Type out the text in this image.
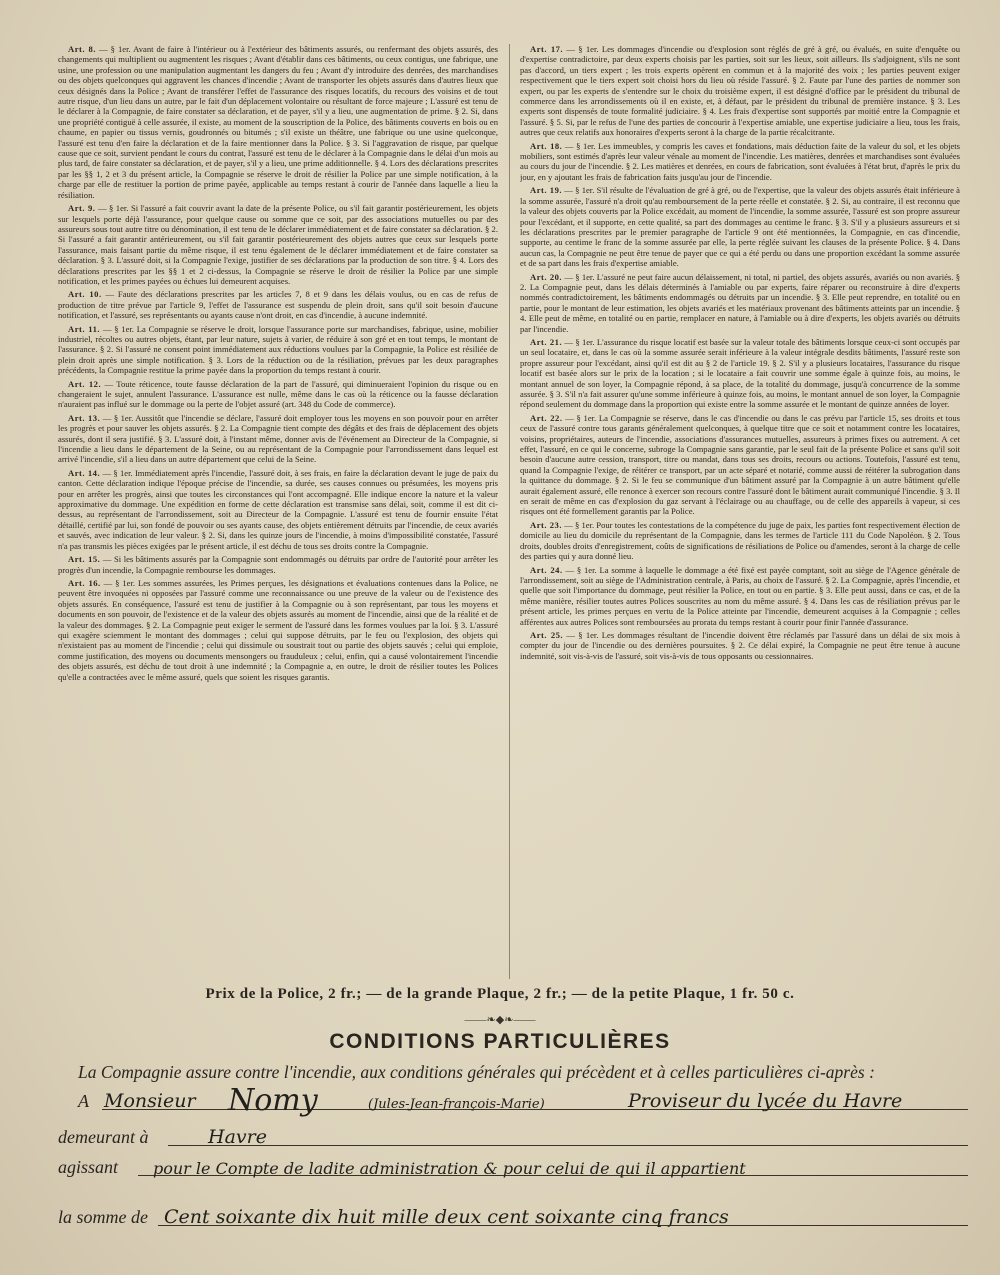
Art. 8. — § 1er. Avant de faire à l'intérieur ou à l'extérieur des bâtiments assurés, ou renfermant des objets assurés, des changements qui multiplient ou augmentent les risques ; Avant d'établir dans ces bâtiments, ou ceux contigus, une fabrique, une usine, une profession ou une manipulation augmentant les dangers du feu ; Avant d'y introduire des denrées, des marchandises ou des objets quelconques qui aggravent les chances d'incendie ; Avant de transporter les objets assurés dans d'autres lieux que ceux désignés dans la Police ; Avant de transférer l'effet de l'assurance des risques locatifs, du recours des voisins et de tout autre risque, d'un lieu dans un autre, par le fait d'un déplacement volontaire ou résultant de force majeure ; L'assuré est tenu de le déclarer à la Compagnie, de faire constater sa déclaration, et de payer, s'il y a lieu, une augmentation de prime. § 2. Si, dans une propriété contiguë à celle assurée, il existe, au moment de la souscription de la Police, des bâtiments couverts en bois ou en chaume, en papier ou tissus vernis, goudronnés ou bitumés ; s'il existe un théâtre, une fabrique ou une usine quelconque, l'assuré est tenu d'en faire la déclaration et de la faire mentionner dans la Police. § 3. Si l'aggravation de risque, par quelque cause que ce soit, survient pendant le cours du contrat, l'assuré est tenu de le déclarer à la Compagnie dans le délai d'un mois au plus tard, de faire constater sa déclaration, et de payer, s'il y a lieu, une prime additionnelle. § 4. Lors des déclarations prescrites par les §§ 1, 2 et 3 du présent article, la Compagnie se réserve le droit de résilier la Police par une simple notification, à la charge par elle de restituer la portion de prime payée, applicable au temps restant à courir de l'année dans laquelle a lieu la résiliation.

Art. 9. — § 1er. Si l'assuré a fait couvrir avant la date de la présente Police, ou s'il fait garantir postérieurement, les objets sur lesquels porte déjà l'assurance, pour quelque cause ou somme que ce soit, par des associations mutuelles ou par des assureurs sous tout autre titre ou dénomination, il est tenu de le déclarer immédiatement et de faire constater sa déclaration. § 2. Si l'assuré a fait garantir antérieurement, ou s'il fait garantir postérieurement des objets autres que ceux sur lesquels porte l'assurance, mais faisant partie du même risque, il est tenu également de le déclarer immédiatement et de faire constater sa déclaration. § 3. L'assuré doit, si la Compagnie l'exige, justifier de ses déclarations par la production de son titre. § 4. Lors des déclarations prescrites par les §§ 1 et 2 ci-dessus, la Compagnie se réserve le droit de résilier la Police par une simple notification, et les primes payées ou échues lui demeurent acquises.

Art. 10. — Faute des déclarations prescrites par les articles 7, 8 et 9 dans les délais voulus, ou en cas de refus de production de titre prévue par l'article 9, l'effet de l'assurance est suspendu de plein droit, sans qu'il soit besoin d'aucune notification, et l'assuré, ses représentants ou ayants cause n'ont droit, en cas d'incendie, à aucune indemnité.

Art. 11. — § 1er. La Compagnie se réserve le droit, lorsque l'assurance porte sur marchandises, fabrique, usine, mobilier industriel, récoltes ou autres objets, étant, par leur nature, sujets à varier, de réduire à son gré et en tout temps, le montant de l'assurance. § 2. Si l'assuré ne consent point immédiatement aux réductions voulues par la Compagnie, la Police est résiliée de plein droit après une simple notification. § 3. Lors de la réduction ou de la résiliation, prévues par les deux paragraphes précédents, la Compagnie restitue la prime payée dans la proportion du temps restant à courir.

Art. 12. — Toute réticence, toute fausse déclaration de la part de l'assuré, qui diminueraient l'opinion du risque ou en changeraient le sujet, annulent l'assurance. L'assurance est nulle, même dans le cas où la réticence ou la fausse déclaration n'auraient pas influé sur le dommage ou la perte de l'objet assuré (art. 348 du Code de commerce).

Art. 13. — § 1er. Aussitôt que l'incendie se déclare, l'assuré doit employer tous les moyens en son pouvoir pour en arrêter les progrès et pour sauver les objets assurés. § 2. La Compagnie tient compte des dégâts et des frais de déplacement des objets assurés, dont il sera justifié. § 3. L'assuré doit, à l'instant même, donner avis de l'événement au Directeur de la Compagnie, si l'incendie a lieu dans le département de la Seine, ou au représentant de la Compagnie pour l'arrondissement dans lequel est arrivé l'incendie, s'il a lieu dans un autre département que celui de la Seine.

Art. 14. — § 1er. Immédiatement après l'incendie, l'assuré doit, à ses frais, en faire la déclaration devant le juge de paix du canton. Cette déclaration indique l'époque précise de l'incendie, sa durée, ses causes connues ou présumées, les moyens pris pour en arrêter les progrès, ainsi que toutes les circonstances qui l'ont accompagné. Elle indique encore la nature et la valeur approximative du dommage. Une expédition en forme de cette déclaration est transmise sans délai, soit, comme il est dit ci-dessus, au représentant de l'arrondissement, soit au Directeur de la Compagnie. L'assuré est tenu de fournir ensuite l'état détaillé, certifié par lui, son fondé de pouvoir ou ses ayants cause, des objets entièrement détruits par l'incendie, de ceux avariés et sauvés, avec indication de leur valeur. § 2. Si, dans les quinze jours de l'incendie, à moins d'impossibilité constatée, l'assuré n'a pas transmis les pièces exigées par le présent article, il est déchu de tous ses droits contre la Compagnie.

Art. 15. — Si les bâtiments assurés par la Compagnie sont endommagés ou détruits par ordre de l'autorité pour arrêter les progrès d'un incendie, la Compagnie rembourse les dommages.

Art. 16. — § 1er. Les sommes assurées, les Primes perçues, les désignations et évaluations contenues dans la Police, ne peuvent être invoquées ni opposées par l'assuré comme une reconnaissance ou une preuve de la valeur ou de l'existence des objets assurés. En conséquence, l'assuré est tenu de justifier à la Compagnie ou à son représentant, par tous les moyens et documents en son pouvoir, de l'existence et de la valeur des objets assurés au moment de l'incendie, ainsi que de la réalité et de la valeur des dommages. § 2. La Compagnie peut exiger le serment de l'assuré dans les formes voulues par la loi. § 3. L'assuré qui exagère sciemment le montant des dommages ; celui qui suppose détruits, par le feu ou l'explosion, des objets qui n'existaient pas au moment de l'incendie ; celui qui dissimule ou soustrait tout ou partie des objets sauvés ; celui qui emploie, comme justification, des moyens ou documents mensongers ou frauduleux ; celui, enfin, qui a causé volontairement l'incendie des objets assurés, est déchu de tout droit à une indemnité ; la Compagnie a, en outre, le droit de résilier toutes les Polices qu'elle a contractées avec le même assuré, quels que soient les risques garantis.

Art. 17. — § 1er. Les dommages d'incendie ou d'explosion sont réglés de gré à gré, ou évalués, en suite d'enquête ou d'expertise contradictoire, par deux experts choisis par les parties, soit sur les lieux, soit ailleurs. Ils s'adjoignent, s'ils ne sont pas d'accord, un tiers expert ; les trois experts opèrent en commun et à la majorité des voix ; les parties peuvent exiger respectivement que le tiers expert soit choisi hors du lieu où réside l'assuré. § 2. Faute par l'une des parties de nommer son expert, ou par les experts de s'entendre sur le choix du troisième expert, il est désigné d'office par le président du tribunal de commerce dans les arrondissements où il en existe, et, à défaut, par le président du tribunal de première instance. § 3. Les experts sont dispensés de toute formalité judiciaire. § 4. Les frais d'expertise sont supportés par moitié entre la Compagnie et l'assuré. § 5. Si, par le refus de l'une des parties de concourir à l'expertise amiable, une expertise judiciaire a lieu, tous les frais, autres que ceux relatifs aux honoraires d'experts seront à la charge de la partie récalcitrante.

Art. 18. — § 1er. Les immeubles, y compris les caves et fondations, mais déduction faite de la valeur du sol, et les objets mobiliers, sont estimés d'après leur valeur vénale au moment de l'incendie. Les matières, denrées et marchandises sont évaluées au cours du jour de l'incendie. § 2. Les matières et denrées, en cours de fabrication, sont évaluées à l'état brut, d'après le prix du jour, en y ajoutant les frais de fabrication faits jusqu'au jour de l'incendie.

Art. 19. — § 1er. S'il résulte de l'évaluation de gré à gré, ou de l'expertise, que la valeur des objets assurés était inférieure à la somme assurée, l'assuré n'a droit qu'au remboursement de la perte réelle et constatée. § 2. Si, au contraire, il est reconnu que la valeur des objets couverts par la Police excédait, au moment de l'incendie, la somme assurée, l'assuré est son propre assureur pour l'excédant, et il supporte, en cette qualité, sa part des dommages au centime le franc. § 3. S'il y a plusieurs assureurs et si les déclarations prescrites par le premier paragraphe de l'article 9 ont été mentionnées, la Compagnie, en cas d'incendie, supporte, au centime le franc de la somme assurée par elle, la perte réglée suivant les clauses de la présente Police. § 4. Dans aucun cas, la Compagnie ne peut être tenue de payer que ce qui a été perdu ou dans une proportion excédant la somme assurée et de sa part dans les frais d'expertise amiable.

Art. 20. — § 1er. L'assuré ne peut faire aucun délaissement, ni total, ni partiel, des objets assurés, avariés ou non avariés. § 2. La Compagnie peut, dans les délais déterminés à l'amiable ou par experts, faire réparer ou reconstruire à dire d'experts nommés contradictoirement, les bâtiments endommagés ou détruits par un incendie. § 3. Elle peut reprendre, en totalité ou en partie, pour le montant de leur estimation, les objets avariés et les matériaux provenant des bâtiments atteints par un incendie. § 4. Elle peut de même, en totalité ou en partie, remplacer en nature, à l'amiable ou à dire d'experts, les objets avariés ou détruits par l'incendie.

Art. 21. — § 1er. L'assurance du risque locatif est basée sur la valeur totale des bâtiments lorsque ceux-ci sont occupés par un seul locataire, et, dans le cas où la somme assurée serait inférieure à la valeur intégrale desdits bâtiments, l'assuré reste son propre assureur pour l'excédant, ainsi qu'il est dit au § 2 de l'article 19. § 2. S'il y a plusieurs locataires, l'assurance du risque locatif est basée alors sur le prix de la location ; si le locataire a fait couvrir une somme égale à quinze fois, au moins, le montant annuel de son loyer, la Compagnie répond, à sa place, de la totalité du dommage, jusqu'à concurrence de la somme assurée. § 3. S'il n'a fait assurer qu'une somme inférieure à quinze fois, au moins, le montant annuel de son loyer, la Compagnie répond seulement du dommage dans la proportion qui existe entre la somme assurée et le montant de quinze années de loyer.

Art. 22. — § 1er. La Compagnie se réserve, dans le cas d'incendie ou dans le cas prévu par l'article 15, ses droits et tous ceux de l'assuré contre tous garants généralement quelconques, à quelque titre que ce soit et notamment contre les locataires, voisins, propriétaires, auteurs de l'incendie, associations d'assurances mutuelles, assureurs à primes fixes ou autrement. A cet effet, l'assuré, en ce qui le concerne, subroge la Compagnie sans garantie, par le seul fait de la présente Police et sans qu'il soit besoin d'aucune autre cession, transport, titre ou mandat, dans tous ses droits, recours ou actions. Toutefois, l'assuré est tenu, quand la Compagnie l'exige, de réitérer ce transport, par un acte séparé et notarié, comme aussi de réitérer la subrogation dans la quittance du dommage. § 2. Si le feu se communique d'un bâtiment assuré par la Compagnie à un autre bâtiment qu'elle aurait également assuré, elle renonce à exercer son recours contre l'assuré dont le bâtiment aurait communiqué l'incendie. § 3. Il en serait de même en cas d'explosion du gaz servant à l'éclairage ou au chauffage, ou de celle des appareils à vapeur, si ces risques ont été formellement garantis par la Police.

Art. 23. — § 1er. Pour toutes les contestations de la compétence du juge de paix, les parties font respectivement élection de domicile au lieu du domicile du représentant de la Compagnie, dans les termes de l'article 111 du Code Napoléon. § 2. Tous droits, doubles droits d'enregistrement, coûts de significations de résiliations de Police ou d'amendes, seront à la charge de celle des parties qui y aura donné lieu.

Art. 24. — § 1er. La somme à laquelle le dommage a été fixé est payée comptant, soit au siège de l'Agence générale de l'arrondissement, soit au siège de l'Administration centrale, à Paris, au choix de l'assuré. § 2. La Compagnie, après l'incendie, et quelle que soit l'importance du dommage, peut résilier la Police, en tout ou en partie. § 3. Elle peut aussi, dans ce cas, et de la même manière, résilier toutes autres Polices souscrites au nom du même assuré. § 4. Dans les cas de résiliation prévus par le présent article, les primes perçues en vertu de la Police atteinte par l'incendie, demeurent acquises à la Compagnie ; celles afférentes aux autres Polices sont remboursées au prorata du temps restant à courir pour finir l'année d'assurance.

Art. 25. — § 1er. Les dommages résultant de l'incendie doivent être réclamés par l'assuré dans un délai de six mois à compter du jour de l'incendie ou des dernières poursuites. § 2. Ce délai expiré, la Compagnie ne peut être tenue à aucune indemnité, soit vis-à-vis de l'assuré, soit vis-à-vis de tous opposants ou cessionnaires.

Prix de la Police, 2 fr.; — de la grande Plaque, 2 fr.; — de la petite Plaque, 1 fr. 50 c.
——❧◆❧——
CONDITIONS PARTICULIÈRES
La Compagnie assure contre l'incendie, aux conditions générales qui précèdent et à celles particulières ci-après :
A Monsieur Nomy	(Jules-Jean-françois-Marie)	Proviseur du lycée du Havre
demeurant à	Havre
agissant pour le Compte de ladite administration & pour celui de qui il appartient
la somme de Cent soixante dix huit mille deux cent soixante cinq francs
